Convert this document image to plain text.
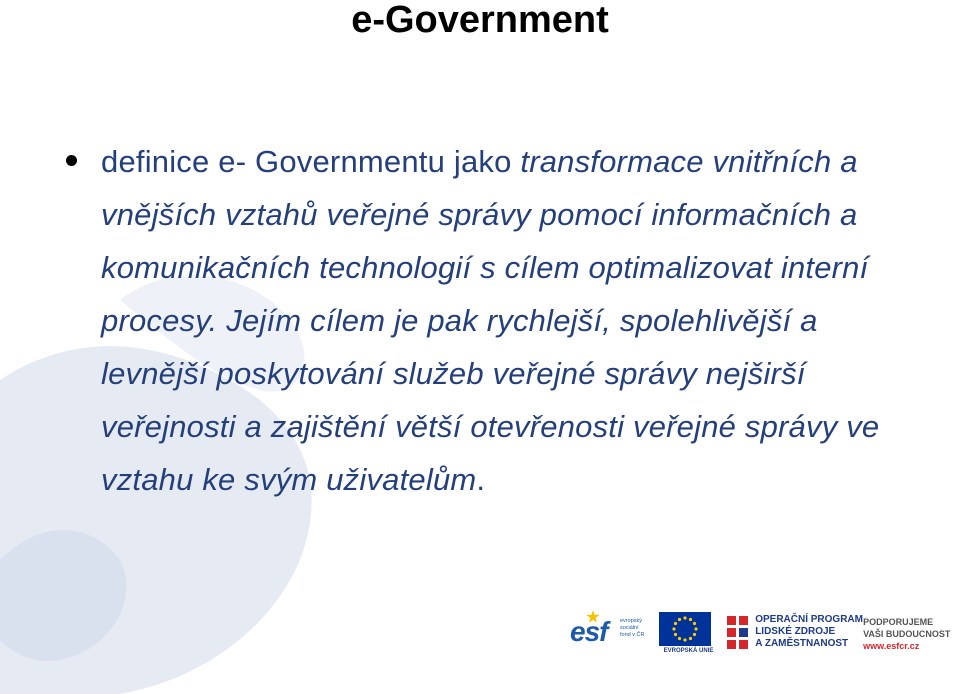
e-Government

definice e- Governmentu jako transformace vnitřních a vnějších vztahů veřejné správy pomocí informačních a komunikačních technologií s cílem optimalizovat interní procesy. Jejím cílem je pak rychlejší, spolehlivější a levnější poskytování služeb veřejné správy nejširší veřejnosti a zajištění větší otevřenosti veřejné správy ve vztahu ke svým uživatelům.

esf evropský
sociální
fond v ČR
EVROPSKÁ UNIE
OPERAČNÍ PROGRAM
LIDSKÉ ZDROJE
A ZAMĚSTNANOST
PODPORUJEME
VAŠI BUDOUCNOST
www.esfcr.cz
